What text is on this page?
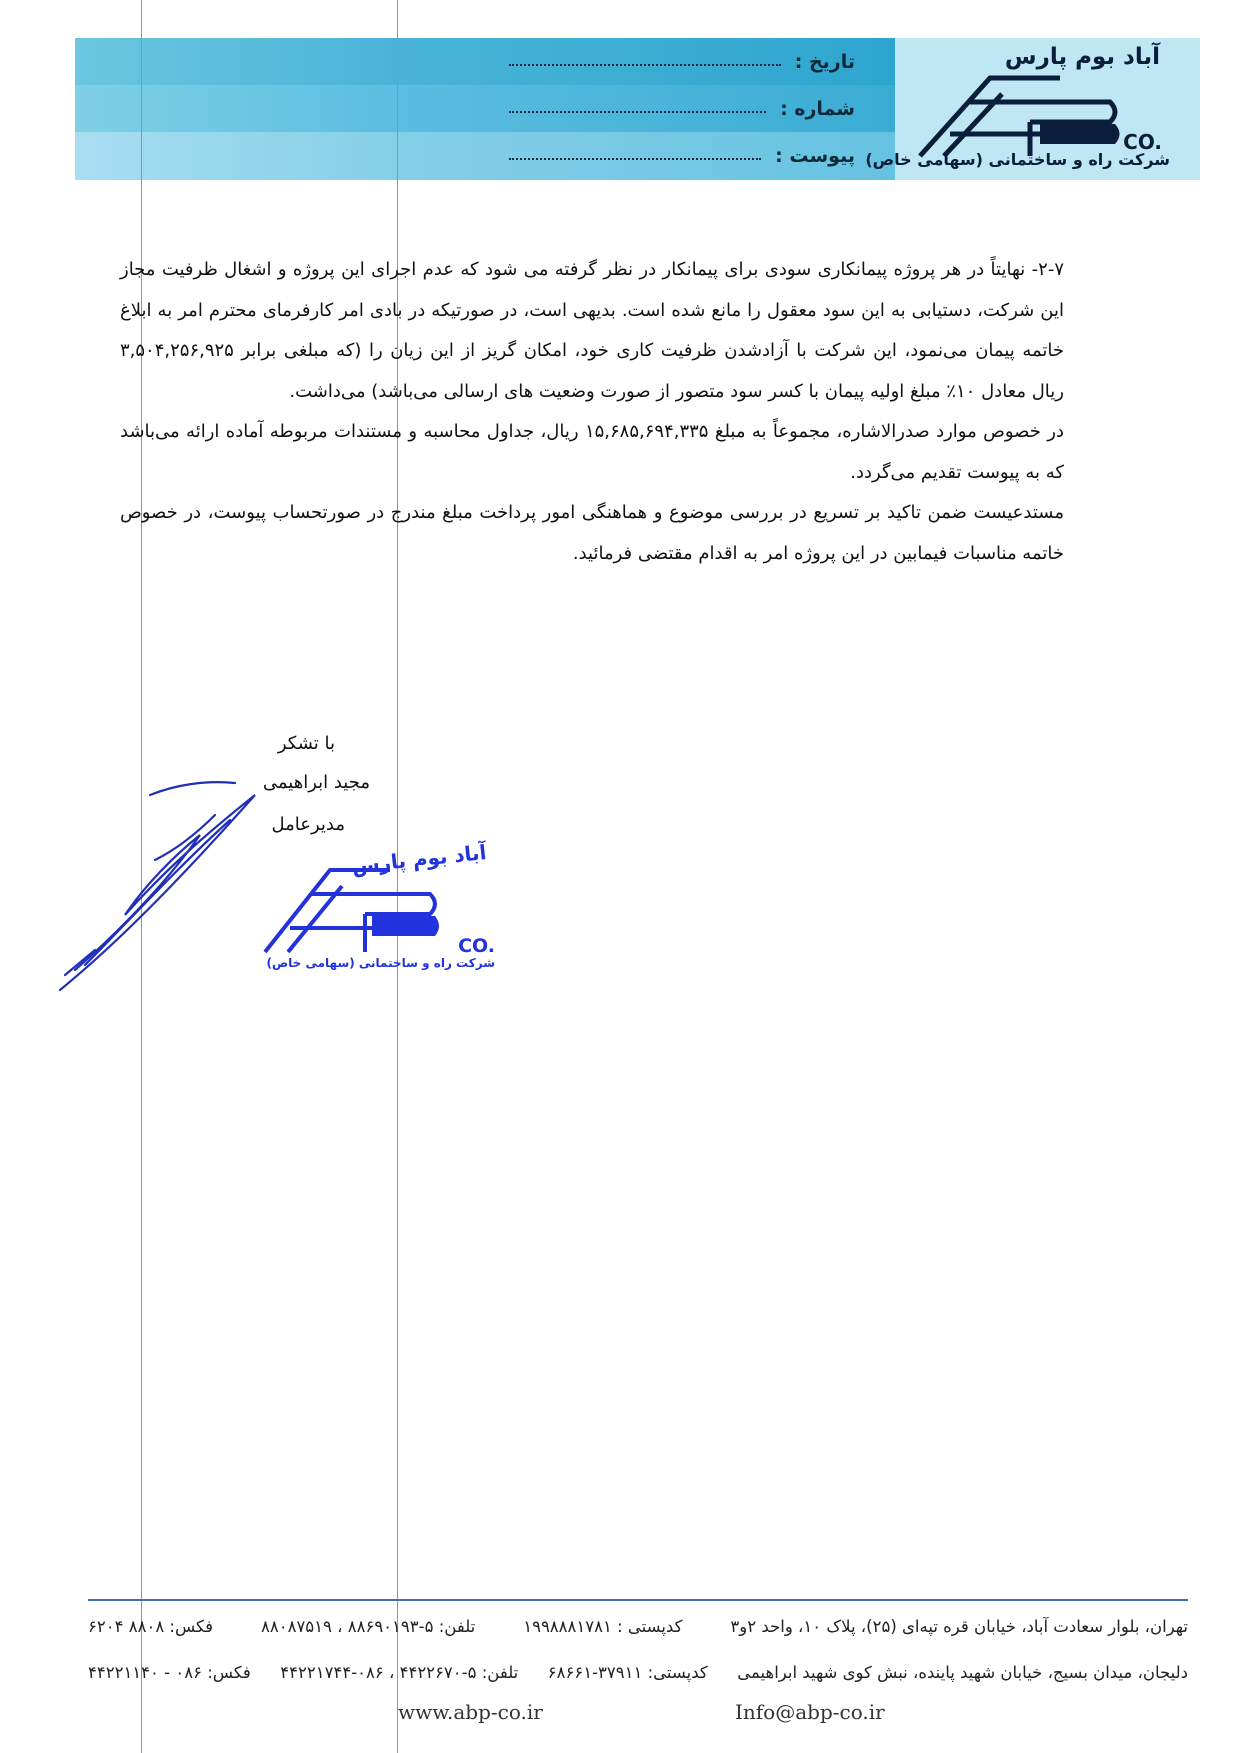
آباد بوم پارس
CO.
شرکت راه و ساختمانی (سهامی خاص)
تاریخ :
شماره :
پیوست :

۲-۷- نهایتاً در هر پروژه پیمانکاری سودی برای پیمانکار در نظر گرفته می شود که عدم اجرای این پروژه و اشغال ظرفیت مجاز این شرکت، دستیابی به این سود معقول را مانع شده است. بدیهی است، در صورتیکه در بادی امر کارفرمای محترم امر به ابلاغ خاتمه پیمان می‌نمود، این شرکت با آزادشدن ظرفیت کاری خود، امکان گریز از این زیان را (که مبلغی برابر ۳,۵۰۴,۲۵۶,۹۲۵ ریال معادل ۱۰٪ مبلغ اولیه پیمان با کسر سود متصور از صورت وضعیت های ارسالی می‌باشد) می‌داشت.

در خصوص موارد صدرالاشاره، مجموعاً به مبلغ ۱۵,۶۸۵,۶۹۴,۳۳۵ ریال، جداول محاسبه و مستندات مربوطه آماده ارائه می‌باشد که به پیوست تقدیم می‌گردد.

مستدعیست ضمن تاکید بر تسریع در بررسی موضوع و هماهنگی امور پرداخت مبلغ مندرج در صورتحساب پیوست، در خصوص خاتمه مناسبات فیمابین در این پروژه امر به اقدام مقتضی فرمائید.

با تشکر
مجید ابراهیمی
مدیرعامل
آباد بوم پارس
CO.
شرکت راه و ساختمانی (سهامی خاص)
تهران، بلوار سعادت آباد، خیابان قره تپه‌ای (۲۵)، پلاک ۱۰، واحد ۲و۳
کدپستی : ۱۹۹۸۸۸۱۷۸۱
تلفن: ۵-۸۸۶۹۰۱۹۳ ، ۸۸۰۸۷۵۱۹
فکس: ۸۸۰۸ ۶۲۰۴
دلیجان، میدان بسیج، خیابان شهید پاینده، نبش کوی شهید ابراهیمی
کدپستی: ۳۷۹۱۱-۶۸۶۶۱
تلفن: ۵-۴۴۲۲۶۷۰ ، ۰۸۶-۴۴۲۲۱۷۴۴
فکس: ۰۸۶ - ۴۴۲۲۱۱۴۰
www.abp-co.ir	Info@abp-co.ir
